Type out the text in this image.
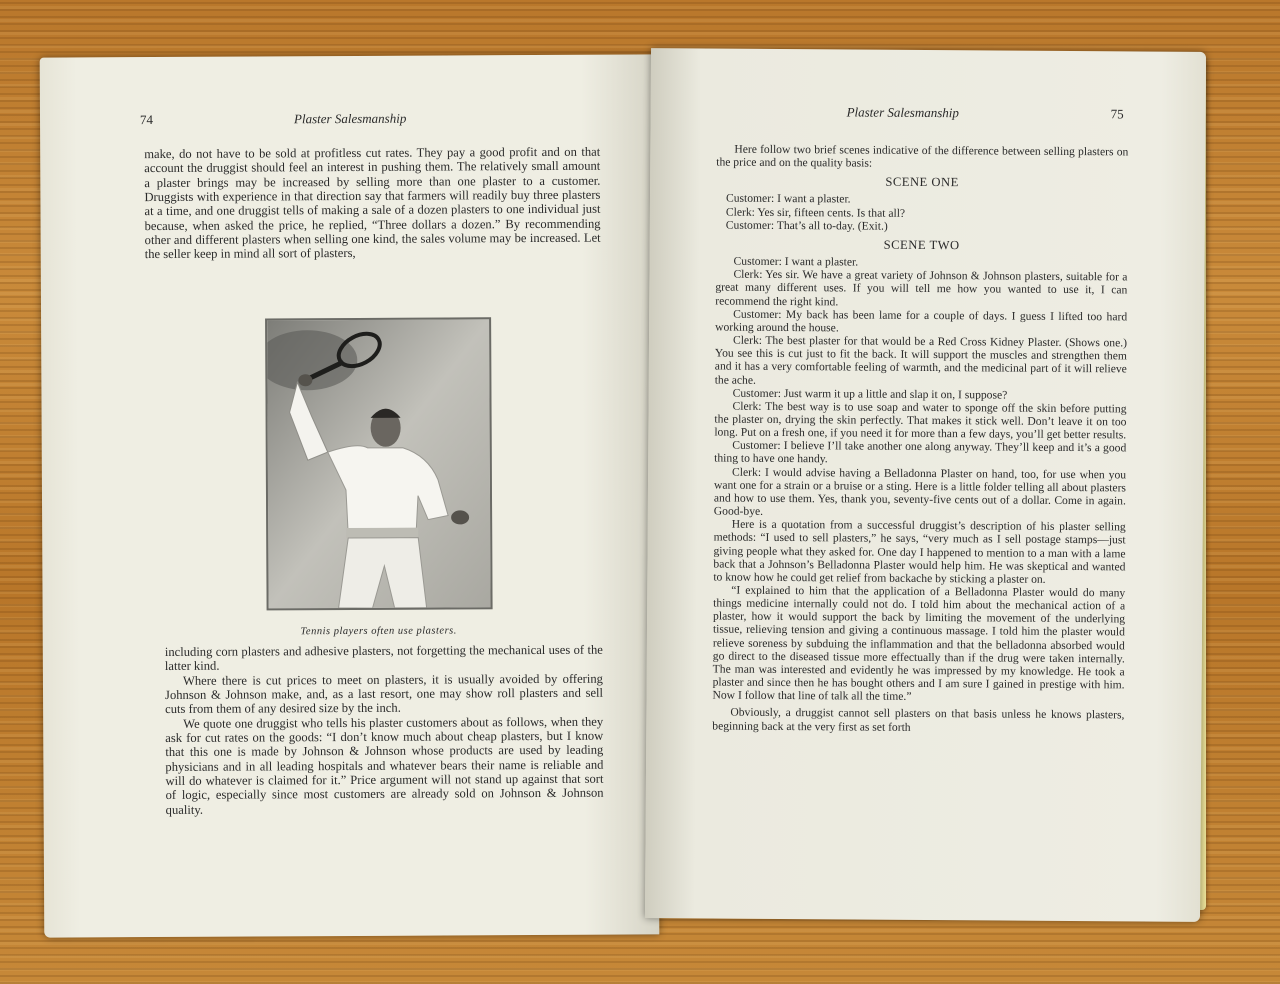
74	Plaster Salesmanship

make, do not have to be sold at profitless cut rates. They pay a good profit and on that account the druggist should feel an interest in pushing them. The relatively small amount a plaster brings may be increased by selling more than one plaster to a customer. Druggists with experience in that direction say that farmers will readily buy three plasters at a time, and one druggist tells of making a sale of a dozen plasters to one individual just because, when asked the price, he replied, “Three dollars a dozen.” By recommending other and different plasters when selling one kind, the sales volume may be increased. Let the seller keep in mind all sort of plasters,

Tennis players often use plasters.

including corn plasters and adhesive plasters, not forgetting the mechanical uses of the latter kind.

Where there is cut prices to meet on plasters, it is usually avoided by offering Johnson & Johnson make, and, as a last resort, one may show roll plasters and sell cuts from them of any desired size by the inch.

We quote one druggist who tells his plaster customers about as follows, when they ask for cut rates on the goods: “I don’t know much about cheap plasters, but I know that this one is made by Johnson & Johnson whose products are used by leading physicians and in all leading hospitals and whatever bears their name is reliable and will do whatever is claimed for it.” Price argument will not stand up against that sort of logic, especially since most customers are already sold on Johnson & Johnson quality.

Plaster Salesmanship	75

Here follow two brief scenes indicative of the difference between selling plasters on the price and on the quality basis:

SCENE ONE

Customer: I want a plaster.

Clerk: Yes sir, fifteen cents. Is that all?

Customer: That’s all to-day. (Exit.)

SCENE TWO

Customer: I want a plaster.

Clerk: Yes sir. We have a great variety of Johnson & Johnson plasters, suitable for a great many different uses. If you will tell me how you wanted to use it, I can recommend the right kind.

Customer: My back has been lame for a couple of days. I guess I lifted too hard working around the house.

Clerk: The best plaster for that would be a Red Cross Kidney Plaster. (Shows one.) You see this is cut just to fit the back. It will support the muscles and strengthen them and it has a very comfortable feeling of warmth, and the medicinal part of it will relieve the ache.

Customer: Just warm it up a little and slap it on, I suppose?

Clerk: The best way is to use soap and water to sponge off the skin before putting the plaster on, drying the skin perfectly. That makes it stick well. Don’t leave it on too long. Put on a fresh one, if you need it for more than a few days, you’ll get better results.

Customer: I believe I’ll take another one along anyway. They’ll keep and it’s a good thing to have one handy.

Clerk: I would advise having a Belladonna Plaster on hand, too, for use when you want one for a strain or a bruise or a sting. Here is a little folder telling all about plasters and how to use them. Yes, thank you, seventy-five cents out of a dollar. Come in again. Good-bye.

Here is a quotation from a successful druggist’s description of his plaster selling methods: “I used to sell plasters,” he says, “very much as I sell postage stamps—just giving people what they asked for. One day I happened to mention to a man with a lame back that a Johnson’s Belladonna Plaster would help him. He was skeptical and wanted to know how he could get relief from backache by sticking a plaster on.

“I explained to him that the application of a Belladonna Plaster would do many things medicine internally could not do. I told him about the mechanical action of a plaster, how it would support the back by limiting the movement of the underlying tissue, relieving tension and giving a continuous massage. I told him the plaster would relieve soreness by subduing the inflammation and that the belladonna absorbed would go direct to the diseased tissue more effectually than if the drug were taken internally. The man was interested and evidently he was impressed by my knowledge. He took a plaster and since then he has bought others and I am sure I gained in prestige with him. Now I follow that line of talk all the time.”

Obviously, a druggist cannot sell plasters on that basis unless he knows plasters, beginning back at the very first as set forth
